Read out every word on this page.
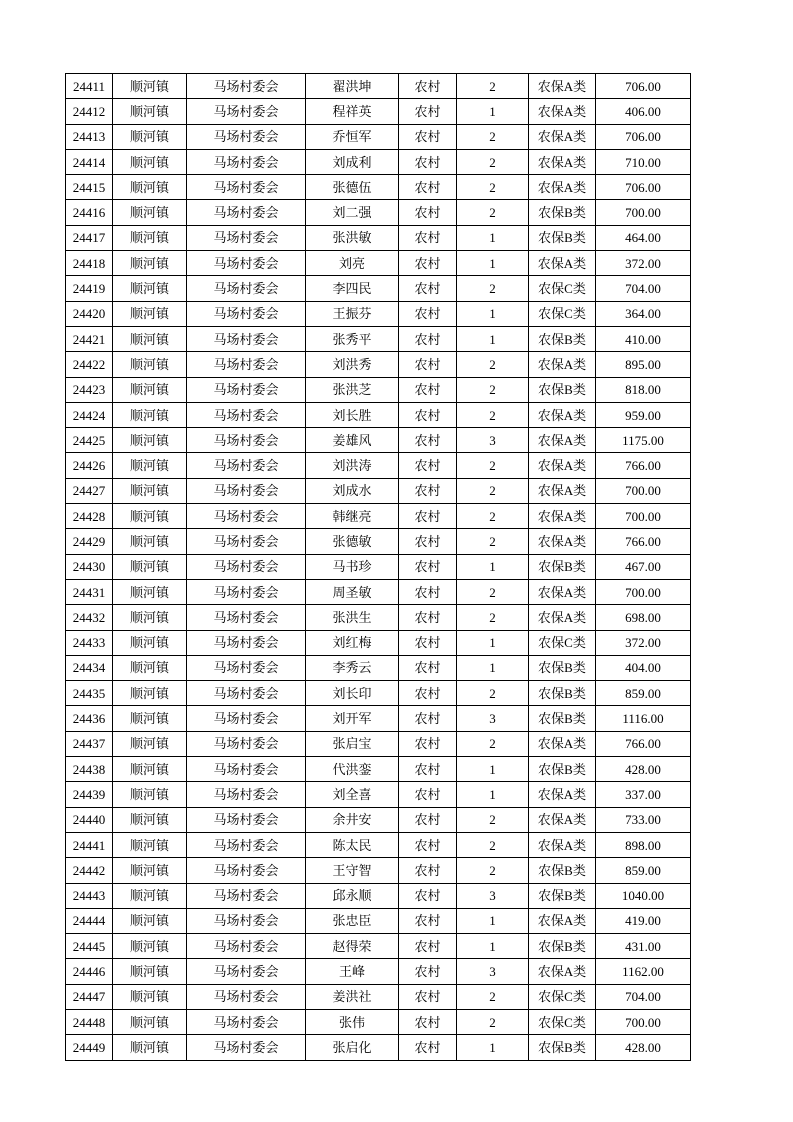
24411	顺河镇	马场村委会	翟洪坤	农村	2	农保A类	706.00
24412	顺河镇	马场村委会	程祥英	农村	1	农保A类	406.00
24413	顺河镇	马场村委会	乔恒军	农村	2	农保A类	706.00
24414	顺河镇	马场村委会	刘成利	农村	2	农保A类	710.00
24415	顺河镇	马场村委会	张德伍	农村	2	农保A类	706.00
24416	顺河镇	马场村委会	刘二强	农村	2	农保B类	700.00
24417	顺河镇	马场村委会	张洪敏	农村	1	农保B类	464.00
24418	顺河镇	马场村委会	刘亮	农村	1	农保A类	372.00
24419	顺河镇	马场村委会	李四民	农村	2	农保C类	704.00
24420	顺河镇	马场村委会	王振芬	农村	1	农保C类	364.00
24421	顺河镇	马场村委会	张秀平	农村	1	农保B类	410.00
24422	顺河镇	马场村委会	刘洪秀	农村	2	农保A类	895.00
24423	顺河镇	马场村委会	张洪芝	农村	2	农保B类	818.00
24424	顺河镇	马场村委会	刘长胜	农村	2	农保A类	959.00
24425	顺河镇	马场村委会	姜雄风	农村	3	农保A类	1175.00
24426	顺河镇	马场村委会	刘洪涛	农村	2	农保A类	766.00
24427	顺河镇	马场村委会	刘成水	农村	2	农保A类	700.00
24428	顺河镇	马场村委会	韩继亮	农村	2	农保A类	700.00
24429	顺河镇	马场村委会	张德敏	农村	2	农保A类	766.00
24430	顺河镇	马场村委会	马书珍	农村	1	农保B类	467.00
24431	顺河镇	马场村委会	周圣敏	农村	2	农保A类	700.00
24432	顺河镇	马场村委会	张洪生	农村	2	农保A类	698.00
24433	顺河镇	马场村委会	刘红梅	农村	1	农保C类	372.00
24434	顺河镇	马场村委会	李秀云	农村	1	农保B类	404.00
24435	顺河镇	马场村委会	刘长印	农村	2	农保B类	859.00
24436	顺河镇	马场村委会	刘开军	农村	3	农保B类	1116.00
24437	顺河镇	马场村委会	张启宝	农村	2	农保A类	766.00
24438	顺河镇	马场村委会	代洪銮	农村	1	农保B类	428.00
24439	顺河镇	马场村委会	刘全喜	农村	1	农保A类	337.00
24440	顺河镇	马场村委会	余井安	农村	2	农保A类	733.00
24441	顺河镇	马场村委会	陈太民	农村	2	农保A类	898.00
24442	顺河镇	马场村委会	王守智	农村	2	农保B类	859.00
24443	顺河镇	马场村委会	邱永顺	农村	3	农保B类	1040.00
24444	顺河镇	马场村委会	张忠臣	农村	1	农保A类	419.00
24445	顺河镇	马场村委会	赵得荣	农村	1	农保B类	431.00
24446	顺河镇	马场村委会	王峰	农村	3	农保A类	1162.00
24447	顺河镇	马场村委会	姜洪社	农村	2	农保C类	704.00
24448	顺河镇	马场村委会	张伟	农村	2	农保C类	700.00
24449	顺河镇	马场村委会	张启化	农村	1	农保B类	428.00
